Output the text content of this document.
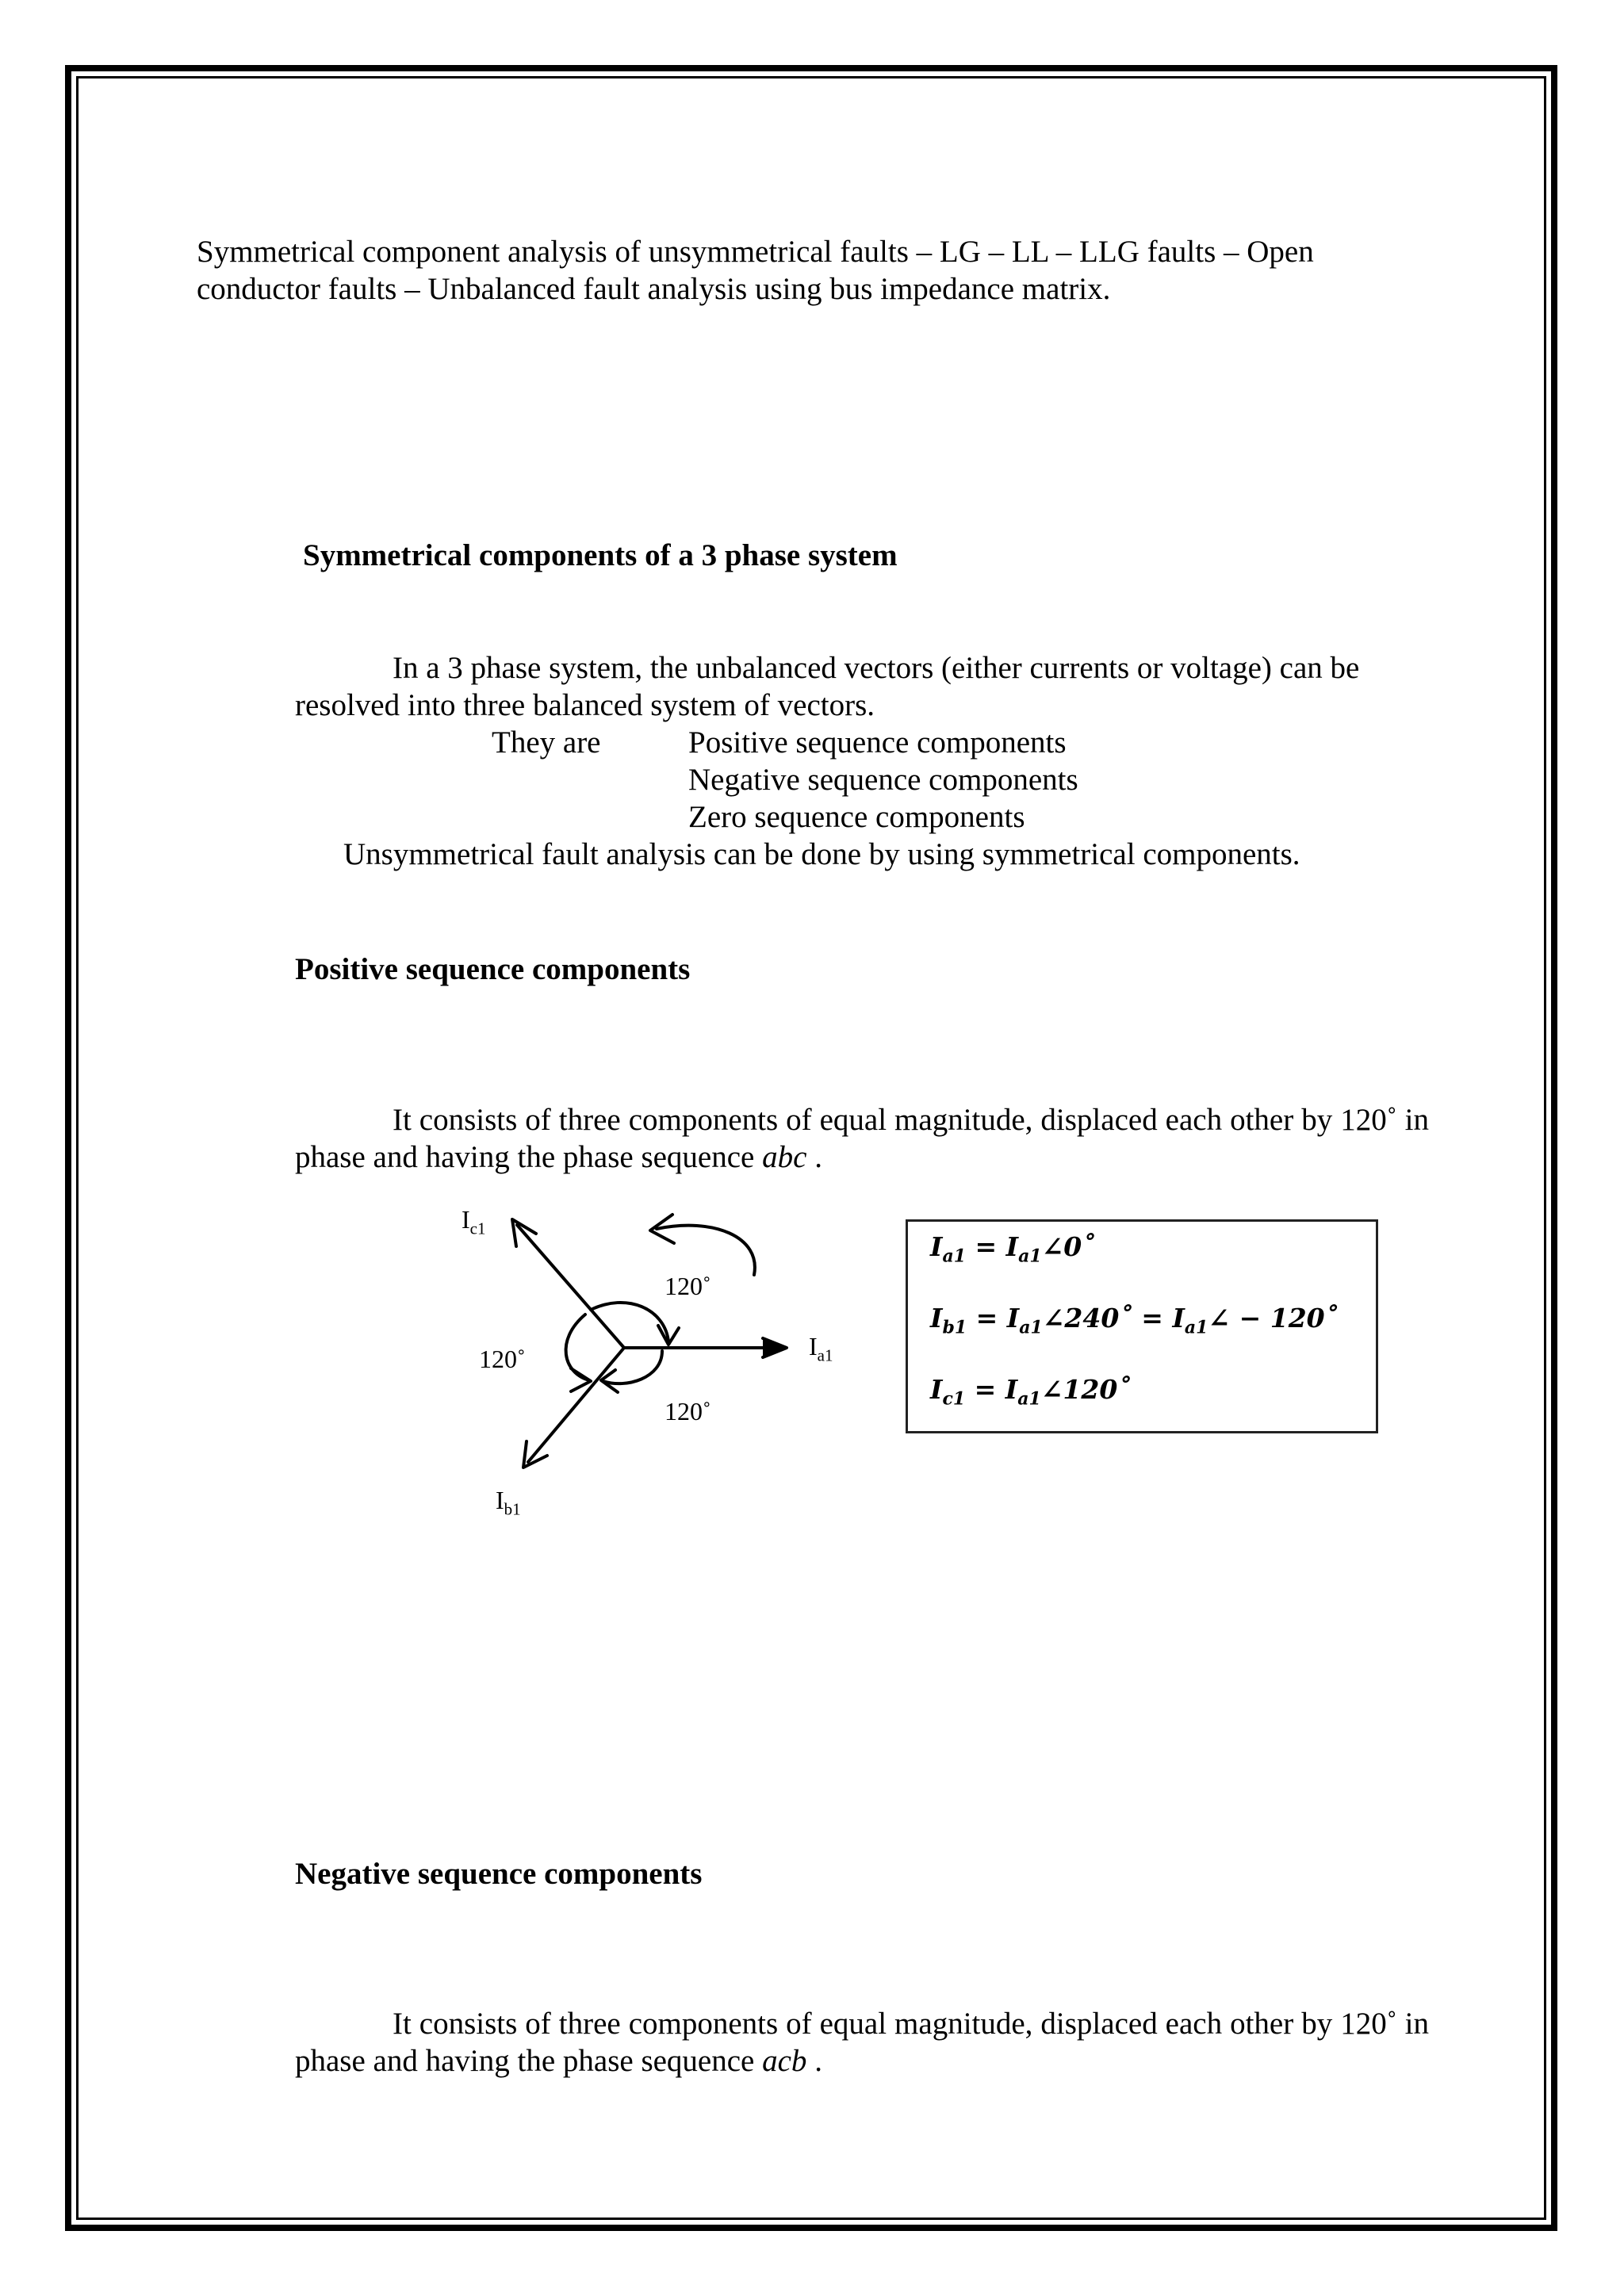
Symmetrical component analysis of unsymmetrical faults – LG – LL – LLG faults – Open
conductor faults – Unbalanced fault analysis using bus impedance matrix.
Symmetrical components of a 3 phase system
In a 3 phase system, the unbalanced vectors (either currents or voltage) can be
resolved into three balanced system of vectors.
They are	Positive sequence components
Negative sequence components
Zero sequence components
Unsymmetrical fault analysis can be done by using symmetrical components.
Positive sequence components
It consists of three components of equal magnitude, displaced each other by 120˚ in phase and having the phase sequence abc .
$I_{c1}$
$I_{a1}$
$I_{b1}$
120˚
120˚
120˚
$I_{a1}$ = $I_{a1}\angle 0˚$
$I_{b1}$ = $I_{a1}\angle 240˚$ = $I_{a1}\angle$ − 120˚
$I_{c1}$ = $I_{a1}\angle 120˚$
Negative sequence components
It consists of three components of equal magnitude, displaced each other by 120˚ in phase and having the phase sequence acb .
